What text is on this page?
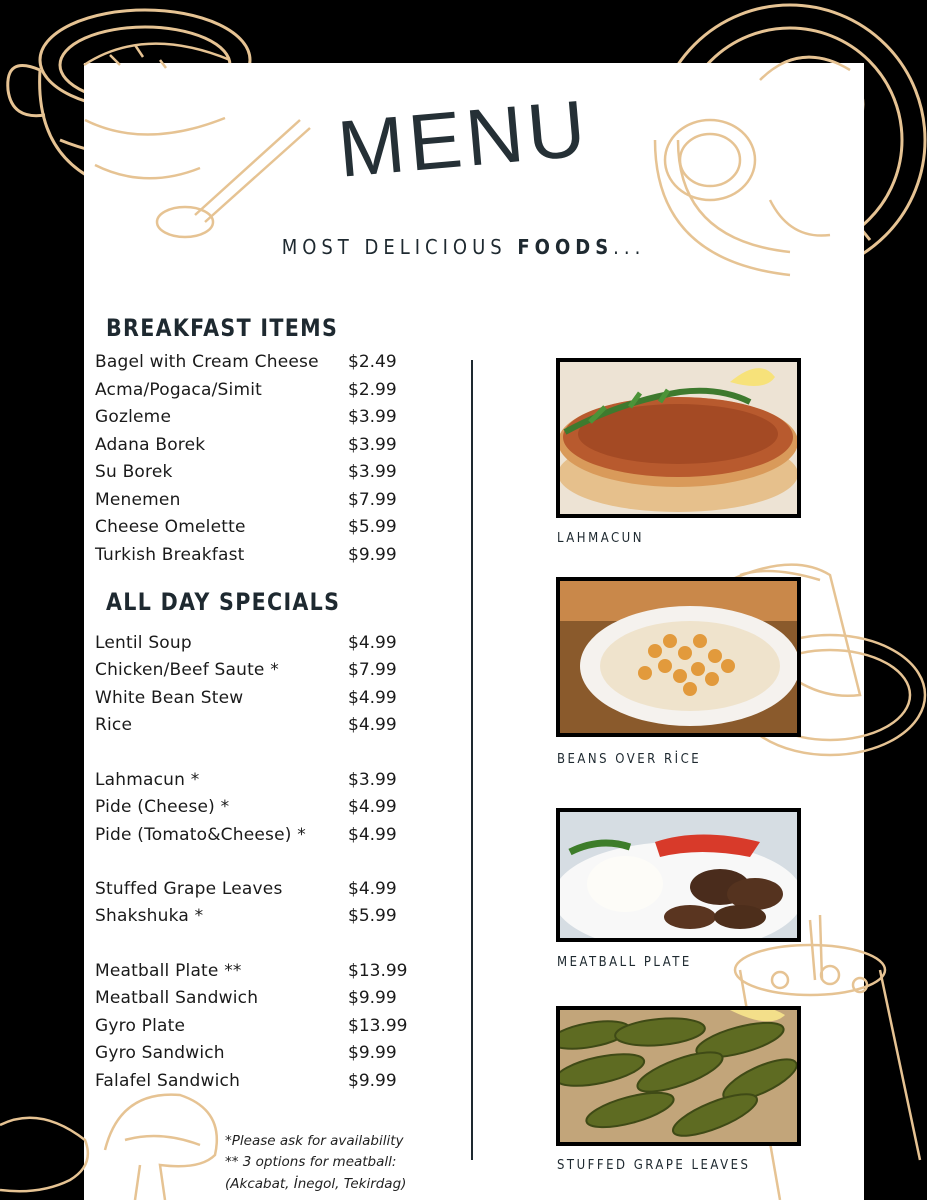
MENU
MOST DELICIOUS FOODS...
BREAKFAST ITEMS
Bagel with Cream Cheese $2.49
Acma/Pogaca/Simit	$2.99
Gozleme	$3.99
Adana Borek	$3.99
Su Borek	$3.99
Menemen	$7.99
Cheese Omelette	$5.99
Turkish Breakfast	$9.99
ALL DAY SPECIALS
Lentil Soup	$4.99
Chicken/Beef Saute *	$7.99
White Bean Stew	$4.99
Rice	$4.99
Lahmacun *	$3.99
Pide (Cheese) *	$4.99
Pide (Tomato&Cheese) * $4.99
Stuffed Grape Leaves	$4.99
Shakshuka *	$5.99
Meatball Plate **	$13.99
Meatball Sandwich	$9.99
Gyro Plate	$13.99
Gyro Sandwich	$9.99
Falafel Sandwich	$9.99
*Please ask for availability
** 3 options for meatball:
(Akcabat, İnegol, Tekirdag)
LAHMACUN
BEANS OVER RİCE
MEATBALL PLATE
STUFFED GRAPE LEAVES
